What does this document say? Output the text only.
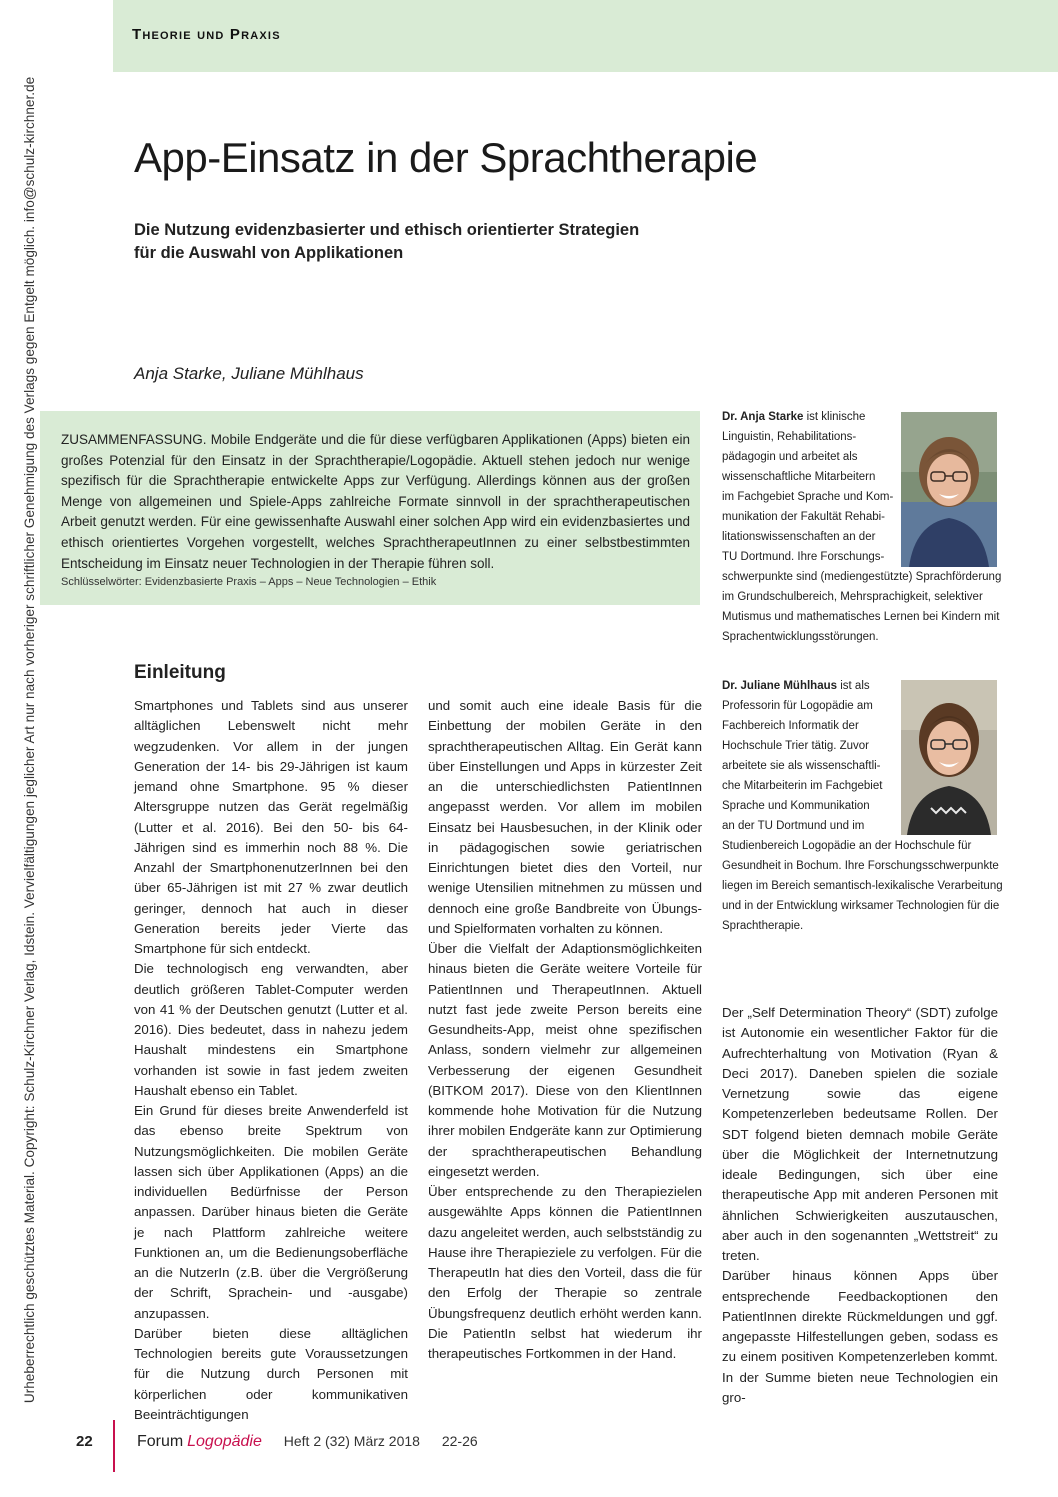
Theorie und Praxis
Urheberrechtlich geschütztes Material. Copyright: Schulz-Kirchner Verlag, Idstein. Vervielfältigungen jeglicher Art nur nach vorheriger schriftlicher Genehmigung des Verlags gegen Entgelt möglich. info@schulz-kirchner.de App-Einsatz in der Sprachtherapie
Die Nutzung evidenzbasierter und ethisch orientierter Strategien
für die Auswahl von Applikationen
Anja Starke, Juliane Mühlhaus
ZUSAMMENFASSUNG. Mobile Endgeräte und die für diese verfügbaren Applikationen (Apps) bieten ein großes Potenzial für den Einsatz in der Sprachtherapie/Logopädie. Aktuell stehen jedoch nur wenige spezifisch für die Sprachtherapie entwickelte Apps zur Verfügung. Allerdings können aus der großen Menge von allgemeinen und Spiele-Apps zahlreiche Formate sinnvoll in der sprachtherapeutischen Arbeit genutzt werden. Für eine gewissenhafte Auswahl einer solchen App wird ein evidenzbasiertes und ethisch orientiertes Vorgehen vorgestellt, welches SprachtherapeutInnen zu einer selbstbestimmten Entscheidung im Einsatz neuer Technologien in der Therapie führen soll.
Schlüsselwörter: Evidenzbasierte Praxis – Apps – Neue Technologien – Ethik

Dr. Anja Starke ist klinische
Linguistin, Rehabilitations-
pädagogin und arbeitet als
wissenschaftliche Mitarbeitern
im Fachgebiet Sprache und Kom-
munikation der Fakultät Rehabi-
litationswissenschaften an der
TU Dortmund. Ihre Forschungs-
schwerpunkte sind (mediengestützte) Sprachförderung
im Grundschulbereich, Mehrsprachigkeit, selektiver
Mutismus und mathematisches Lernen bei Kindern mit
Sprachentwicklungsstörungen.

Dr. Juliane Mühlhaus ist als
Professorin für Logopädie am
Fachbereich Informatik der
Hochschule Trier tätig. Zuvor
arbeitete sie als wissenschaftli-
che Mitarbeiterin im Fachgebiet
Sprache und Kommunikation
an der TU Dortmund und im
Studienbereich Logopädie an der Hochschule für
Gesundheit in Bochum. Ihre Forschungsschwerpunkte
liegen im Bereich semantisch-lexikalische Verarbeitung
und in der Entwicklung wirksamer Technologien für die
Sprachtherapie.

Einleitung

Smartphones und Tablets sind aus unserer alltäglichen Lebenswelt nicht mehr wegzudenken. Vor allem in der jungen Generation der 14- bis 29-Jährigen ist kaum jemand ohne Smartphone. 95 % dieser Altersgruppe nutzen das Gerät regelmäßig (Lutter et al. 2016). Bei den 50- bis 64-Jährigen sind es immerhin noch 88 %. Die Anzahl der SmartphonenutzerInnen bei den über 65-Jährigen ist mit 27 % zwar deutlich geringer, dennoch hat auch in dieser Generation bereits jeder Vierte das Smartphone für sich entdeckt.

Die technologisch eng verwandten, aber deutlich größeren Tablet-Computer werden von 41 % der Deutschen genutzt (Lutter et al. 2016). Dies bedeutet, dass in nahezu jedem Haushalt mindestens ein Smartphone vorhanden ist sowie in fast jedem zweiten Haushalt ebenso ein Tablet.

Ein Grund für dieses breite Anwenderfeld ist das ebenso breite Spektrum von Nutzungsmöglichkeiten. Die mobilen Geräte lassen sich über Applikationen (Apps) an die individuellen Bedürfnisse der Person anpassen. Darüber hinaus bieten die Geräte je nach Plattform zahlreiche weitere Funktionen an, um die Bedienungsoberfläche an die NutzerIn (z.B. über die Vergrößerung der Schrift, Sprachein- und -ausgabe) anzupassen.

Darüber bieten diese alltäglichen Technologien bereits gute Voraussetzungen für die Nutzung durch Personen mit körperlichen oder kommunikativen Beeinträchtigungen

und somit auch eine ideale Basis für die Einbettung der mobilen Geräte in den sprachtherapeutischen Alltag. Ein Gerät kann über Einstellungen und Apps in kürzester Zeit an die unterschiedlichsten PatientInnen angepasst werden. Vor allem im mobilen Einsatz bei Hausbesuchen, in der Klinik oder in pädagogischen sowie geriatrischen Einrichtungen bietet dies den Vorteil, nur wenige Utensilien mitnehmen zu müssen und dennoch eine große Bandbreite von Übungs- und Spielformaten vorhalten zu können.

Über die Vielfalt der Adaptionsmöglichkeiten hinaus bieten die Geräte weitere Vorteile für PatientInnen und TherapeutInnen. Aktuell nutzt fast jede zweite Person bereits eine Gesundheits-App, meist ohne spezifischen Anlass, sondern vielmehr zur allgemeinen Verbesserung der eigenen Gesundheit (BITKOM 2017). Diese von den KlientInnen kommende hohe Motivation für die Nutzung ihrer mobilen Endgeräte kann zur Optimierung der sprachtherapeutischen Behandlung eingesetzt werden.

Über entsprechende zu den Therapiezielen ausgewählte Apps können die PatientInnen dazu angeleitet werden, auch selbstständig zu Hause ihre Therapieziele zu verfolgen. Für die TherapeutIn hat dies den Vorteil, dass die für den Erfolg der Therapie so zentrale Übungsfrequenz deutlich erhöht werden kann. Die PatientIn selbst hat wiederum ihr therapeutisches Fortkommen in der Hand.

Der „Self Determination Theory“ (SDT) zufolge ist Autonomie ein wesentlicher Faktor für die Aufrechterhaltung von Motivation (Ryan & Deci 2017). Daneben spielen die soziale Vernetzung sowie das eigene Kompetenzerleben bedeutsame Rollen. Der SDT folgend bieten demnach mobile Geräte über die Möglichkeit der Internetnutzung ideale Bedingungen, sich über eine therapeutische App mit anderen Personen mit ähnlichen Schwierigkeiten auszutauschen, aber auch in den sogenannten „Wettstreit“ zu treten.

Darüber hinaus können Apps über entsprechende Feedbackoptionen den PatientInnen direkte Rückmeldungen und ggf. angepasste Hilfestellungen geben, sodass es zu einem positiven Kompetenzerleben kommt. In der Summe bieten neue Technologien ein gro-

22	Forum Logopädie Heft 2 (32) März 2018 22-26
